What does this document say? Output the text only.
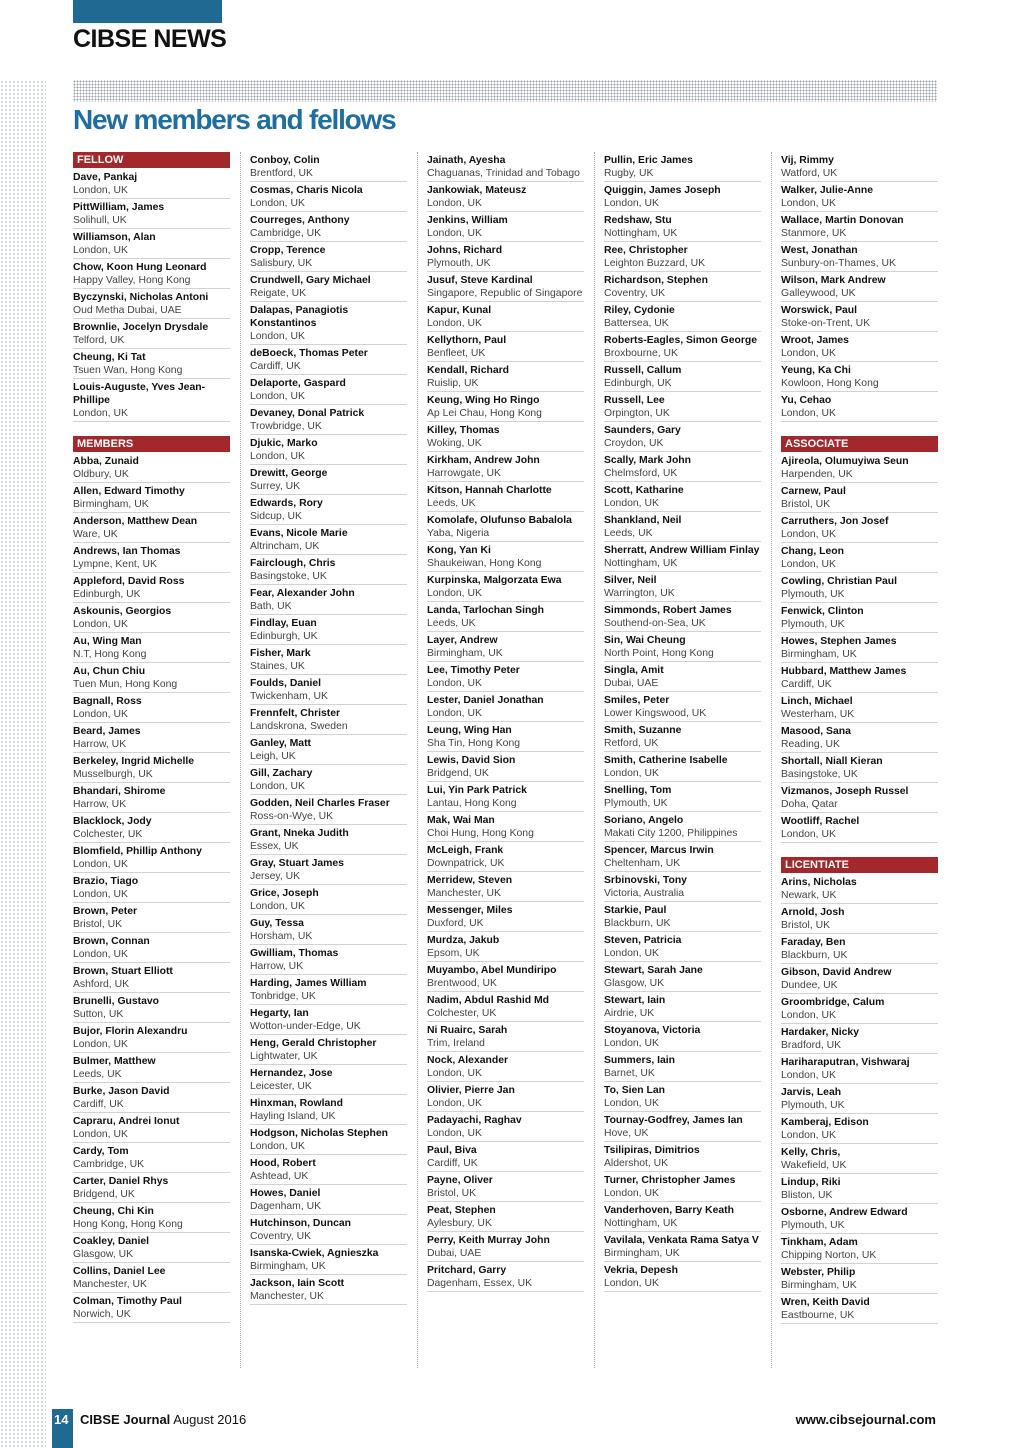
CIBSE NEWS
New members and fellows
FELLOW
Dave, Pankaj
London, UK
PittWilliam, James
Solihull, UK
Williamson, Alan
London, UK
Chow, Koon Hung Leonard
Happy Valley, Hong Kong
Byczynski, Nicholas Antoni
Oud Metha Dubai, UAE
Brownlie, Jocelyn Drysdale
Telford, UK
Cheung, Ki Tat
Tsuen Wan, Hong Kong
Louis-Auguste, Yves Jean-Phillipe
London, UK
MEMBERS
Abba, Zunaid
Oldbury, UK
Allen, Edward Timothy
Birmingham, UK
Anderson, Matthew Dean
Ware, UK
Andrews, Ian Thomas
Lympne, Kent, UK
Appleford, David Ross
Edinburgh, UK
Askounis, Georgios
London, UK
Au, Wing Man
N.T, Hong Kong
Au, Chun Chiu
Tuen Mun, Hong Kong
Bagnall, Ross
London, UK
Beard, James
Harrow, UK
Berkeley, Ingrid Michelle
Musselburgh, UK
Bhandari, Shirome
Harrow, UK
Blacklock, Jody
Colchester, UK
Blomfield, Phillip Anthony
London, UK
Brazio, Tiago
London, UK
Brown, Peter
Bristol, UK
Brown, Connan
London, UK
Brown, Stuart Elliott
Ashford, UK
Brunelli, Gustavo
Sutton, UK
Bujor, Florin Alexandru
London, UK
Bulmer, Matthew
Leeds, UK
Burke, Jason David
Cardiff, UK
Capraru, Andrei Ionut
London, UK
Cardy, Tom
Cambridge, UK
Carter, Daniel Rhys
Bridgend, UK
Cheung, Chi Kin
Hong Kong, Hong Kong
Coakley, Daniel
Glasgow, UK
Collins, Daniel Lee
Manchester, UK
Colman, Timothy Paul
Norwich, UK
Conboy, Colin
Brentford, UK
Cosmas, Charis Nicola
London, UK
Courreges, Anthony
Cambridge, UK
Cropp, Terence
Salisbury, UK
Crundwell, Gary Michael
Reigate, UK
Dalapas, Panagiotis Konstantinos
London, UK
deBoeck, Thomas Peter
Cardiff, UK
Delaporte, Gaspard
London, UK
Devaney, Donal Patrick
Trowbridge, UK
Djukic, Marko
London, UK
Drewitt, George
Surrey, UK
Edwards, Rory
Sidcup, UK
Evans, Nicole Marie
Altrincham, UK
Fairclough, Chris
Basingstoke, UK
Fear, Alexander John
Bath, UK
Findlay, Euan
Edinburgh, UK
Fisher, Mark
Staines, UK
Foulds, Daniel
Twickenham, UK
Frennfelt, Christer
Landskrona, Sweden
Ganley, Matt
Leigh, UK
Gill, Zachary
London, UK
Godden, Neil Charles Fraser
Ross-on-Wye, UK
Grant, Nneka Judith
Essex, UK
Gray, Stuart James
Jersey, UK
Grice, Joseph
London, UK
Guy, Tessa
Horsham, UK
Gwilliam, Thomas
Harrow, UK
Harding, James William
Tonbridge, UK
Hegarty, Ian
Wotton-under-Edge, UK
Heng, Gerald Christopher
Lightwater, UK
Hernandez, Jose
Leicester, UK
Hinxman, Rowland
Hayling Island, UK
Hodgson, Nicholas Stephen
London, UK
Hood, Robert
Ashtead, UK
Howes, Daniel
Dagenham, UK
Hutchinson, Duncan
Coventry, UK
Isanska-Cwiek, Agnieszka
Birmingham, UK
Jackson, Iain Scott
Manchester, UK
Jainath, Ayesha
Chaguanas, Trinidad and Tobago
Jankowiak, Mateusz
London, UK
Jenkins, William
London, UK
Johns, Richard
Plymouth, UK
Jusuf, Steve Kardinal
Singapore, Republic of Singapore
Kapur, Kunal
London, UK
Kellythorn, Paul
Benfleet, UK
Kendall, Richard
Ruislip, UK
Keung, Wing Ho Ringo
Ap Lei Chau, Hong Kong
Killey, Thomas
Woking, UK
Kirkham, Andrew John
Harrowgate, UK
Kitson, Hannah Charlotte
Leeds, UK
Komolafe, Olufunso Babalola
Yaba, Nigeria
Kong, Yan Ki
Shaukeiwan, Hong Kong
Kurpinska, Malgorzata Ewa
London, UK
Landa, Tarlochan Singh
Leeds, UK
Layer, Andrew
Birmingham, UK
Lee, Timothy Peter
London, UK
Lester, Daniel Jonathan
London, UK
Leung, Wing Han
Sha Tin, Hong Kong
Lewis, David Sion
Bridgend, UK
Lui, Yin Park Patrick
Lantau, Hong Kong
Mak, Wai Man
Choi Hung, Hong Kong
McLeigh, Frank
Downpatrick, UK
Merridew, Steven
Manchester, UK
Messenger, Miles
Duxford, UK
Murdza, Jakub
Epsom, UK
Muyambo, Abel Mundiripo
Brentwood, UK
Nadim, Abdul Rashid Md
Colchester, UK
Ni Ruairc, Sarah
Trim, Ireland
Nock, Alexander
London, UK
Olivier, Pierre Jan
London, UK
Padayachi, Raghav
London, UK
Paul, Biva
Cardiff, UK
Payne, Oliver
Bristol, UK
Peat, Stephen
Aylesbury, UK
Perry, Keith Murray John
Dubai, UAE
Pritchard, Garry
Dagenham, Essex, UK
Pullin, Eric James
Rugby, UK
Quiggin, James Joseph
London, UK
Redshaw, Stu
Nottingham, UK
Ree, Christopher
Leighton Buzzard, UK
Richardson, Stephen
Coventry, UK
Riley, Cydonie
Battersea, UK
Roberts-Eagles, Simon George
Broxbourne, UK
Russell, Callum
Edinburgh, UK
Russell, Lee
Orpington, UK
Saunders, Gary
Croydon, UK
Scally, Mark John
Chelmsford, UK
Scott, Katharine
London, UK
Shankland, Neil
Leeds, UK
Sherratt, Andrew William Finlay
Nottingham, UK
Silver, Neil
Warrington, UK
Simmonds, Robert James
Southend-on-Sea, UK
Sin, Wai Cheung
North Point, Hong Kong
Singla, Amit
Dubai, UAE
Smiles, Peter
Lower Kingswood, UK
Smith, Suzanne
Retford, UK
Smith, Catherine Isabelle
London, UK
Snelling, Tom
Plymouth, UK
Soriano, Angelo
Makati City 1200, Philippines
Spencer, Marcus Irwin
Cheltenham, UK
Srbinovski, Tony
Victoria, Australia
Starkie, Paul
Blackburn, UK
Steven, Patricia
London, UK
Stewart, Sarah Jane
Glasgow, UK
Stewart, Iain
Airdrie, UK
Stoyanova, Victoria
London, UK
Summers, Iain
Barnet, UK
To, Sien Lan
London, UK
Tournay-Godfrey, James Ian
Hove, UK
Tsilipiras, Dimitrios
Aldershot, UK
Turner, Christopher James
London, UK
Vanderhoven, Barry Keath
Nottingham, UK
Vavilala, Venkata Rama Satya V
Birmingham, UK
Vekria, Depesh
London, UK
Vij, Rimmy
Watford, UK
Walker, Julie-Anne
London, UK
Wallace, Martin Donovan
Stanmore, UK
West, Jonathan
Sunbury-on-Thames, UK
Wilson, Mark Andrew
Galleywood, UK
Worswick, Paul
Stoke-on-Trent, UK
Wroot, James
London, UK
Yeung, Ka Chi
Kowloon, Hong Kong
Yu, Cehao
London, UK
ASSOCIATE
Ajireola, Olumuyiwa Seun
Harpenden, UK
Carnew, Paul
Bristol, UK
Carruthers, Jon Josef
London, UK
Chang, Leon
London, UK
Cowling, Christian Paul
Plymouth, UK
Fenwick, Clinton
Plymouth, UK
Howes, Stephen James
Birmingham, UK
Hubbard, Matthew James
Cardiff, UK
Linch, Michael
Westerham, UK
Masood, Sana
Reading, UK
Shortall, Niall Kieran
Basingstoke, UK
Vizmanos, Joseph Russel
Doha, Qatar
Wootliff, Rachel
London, UK
LICENTIATE
Arins, Nicholas
Newark, UK
Arnold, Josh
Bristol, UK
Faraday, Ben
Blackburn, UK
Gibson, David Andrew
Dundee, UK
Groombridge, Calum
London, UK
Hardaker, Nicky
Bradford, UK
Hariharaputran, Vishwaraj
London, UK
Jarvis, Leah
Plymouth, UK
Kamberaj, Edison
London, UK
Kelly, Chris,
Wakefield, UK
Lindup, Riki
Bliston, UK
Osborne, Andrew Edward
Plymouth, UK
Tinkham, Adam
Chipping Norton, UK
Webster, Philip
Birmingham, UK
Wren, Keith David
Eastbourne, UK
14 CIBSE Journal August 2016	www.cibsejournal.com
